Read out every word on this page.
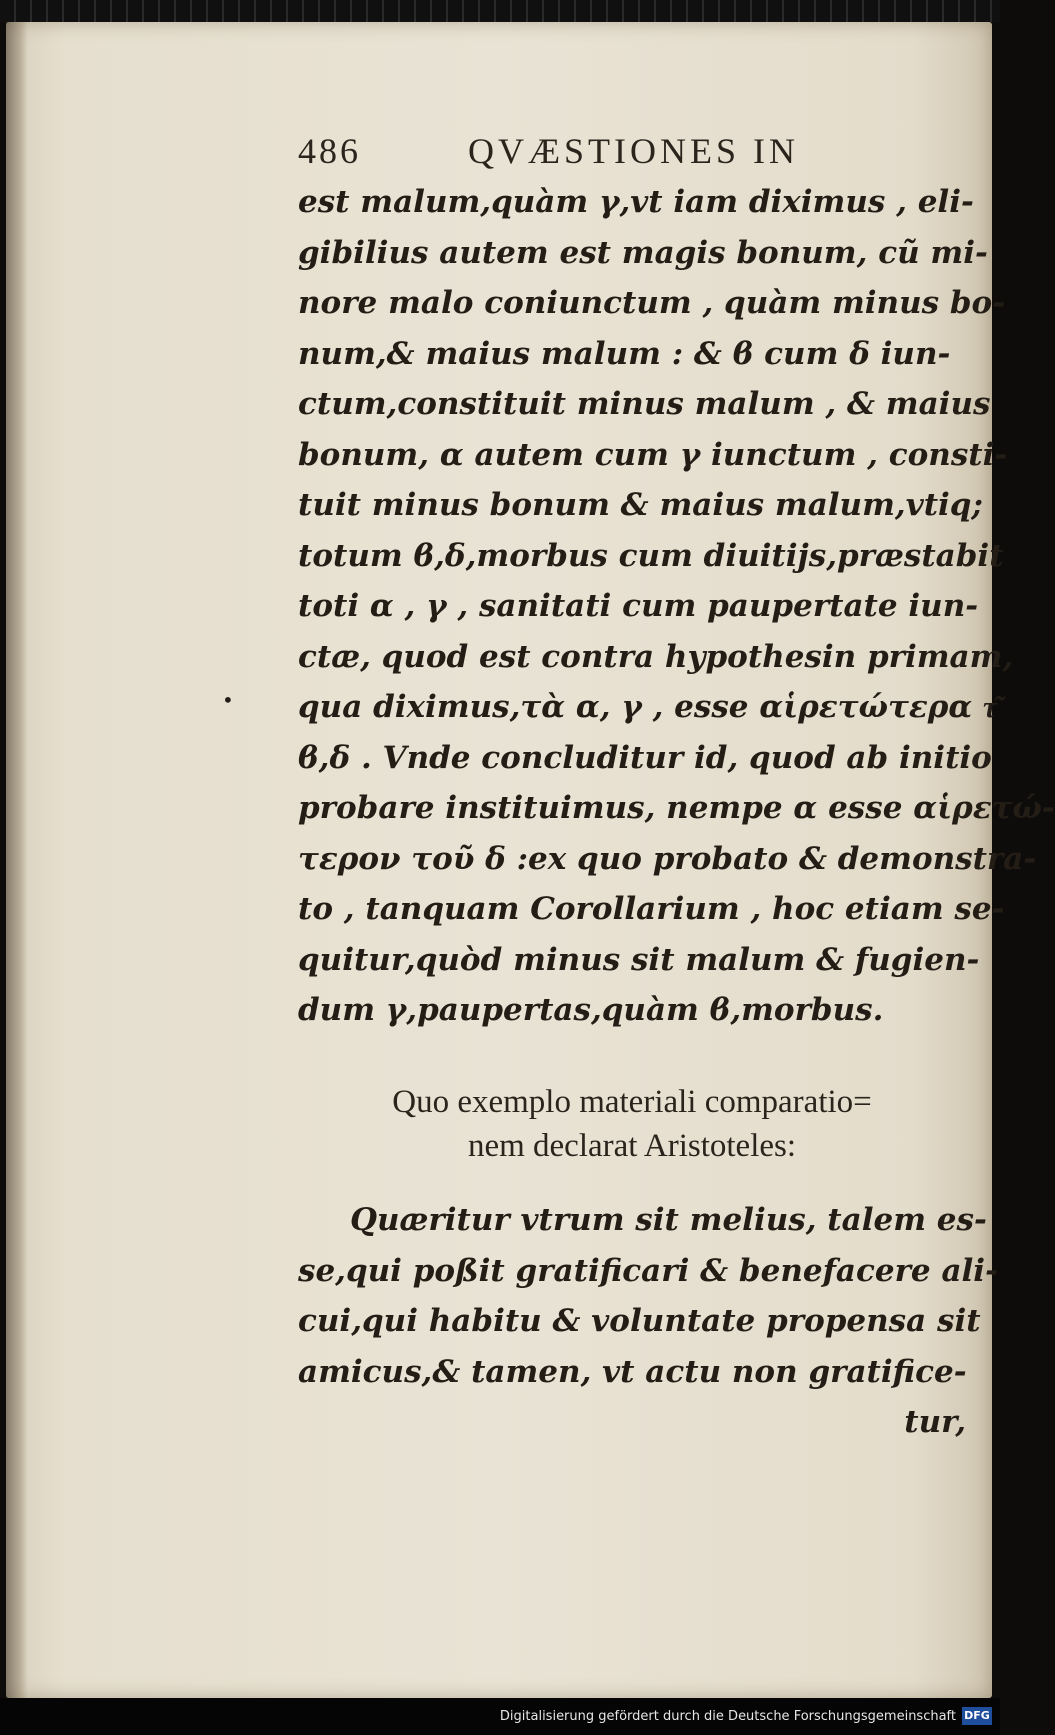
486	QVÆSTIONES IN
•
est malum,quàm γ,vt iam diximus , eli-
gibilius autem est magis bonum, cũ mi-
nore malo coniunctum , quàm minus bo-
num,& maius malum : & ϐ cum δ iun-
ctum,constituit minus malum , & maius
bonum, α autem cum γ iunctum , consti-
tuit minus bonum & maius malum,vtiq;
totum ϐ,δ,morbus cum diuitijs,præstabit
toti α , γ , sanitati cum paupertate iun-
ctæ, quod est contra hypothesin primam,
qua diximus,τὰ α, γ , esse αἱρετώτερα τ͂
ϐ,δ . Vnde concluditur id, quod ab initio
probare instituimus, nempe α esse αἱρετώ-
τερον τοῦ δ :ex quo probato & demonstra-
to , tanquam Corollarium , hoc etiam se-
quitur,quòd minus sit malum & fugien-
dum γ,paupertas,quàm ϐ,morbus.
Quo exemplo materiali comparatio=
nem declarat Aristoteles:
Quæritur vtrum sit melius, talem es-
se,qui poßit gratificari & benefacere ali-
cui,qui habitu & voluntate propensa sit
amicus,& tamen, vt actu non gratifice-
tur,
Digitalisierung gefördert durch die Deutsche Forschungsgemeinschaft DFG
